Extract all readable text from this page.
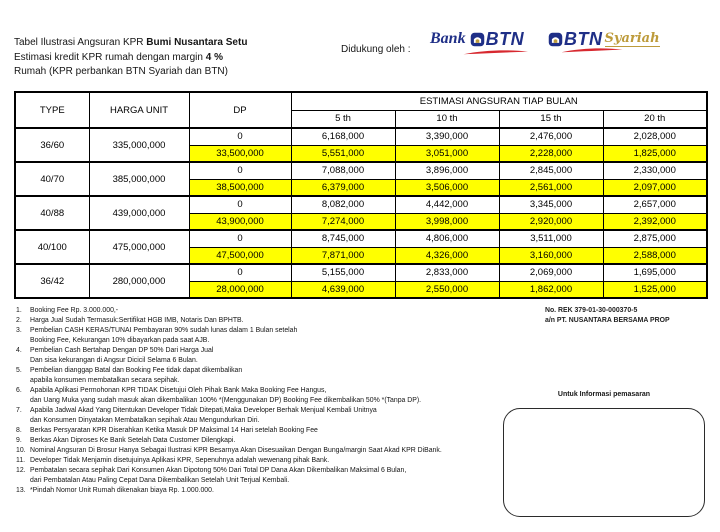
Tabel Ilustrasi Angsuran KPR Bumi Nusantara Setu
Estimasi kredit KPR rumah dengan margin 4 %
Rumah (KPR perbankan BTN Syariah dan BTN)
Didukung oleh :
Bank BTN BTN Syariah
TYPE	HARGA UNIT	DP	ESTIMASI ANGSURAN TIAP BULAN			
			5 th	10 th	15 th	20 th
36/60	335,000,000	0	6,168,000	3,390,000	2,476,000	2,028,000
		33,500,000	5,551,000	3,051,000	2,228,000	1,825,000
40/70	385,000,000	0	7,088,000	3,896,000	2,845,000	2,330,000
		38,500,000	6,379,000	3,506,000	2,561,000	2,097,000
40/88	439,000,000	0	8,082,000	4,442,000	3,345,000	2,657,000
		43,900,000	7,274,000	3,998,000	2,920,000	2,392,000
40/100	475,000,000	0	8,745,000	4,806,000	3,511,000	2,875,000
		47,500,000	7,871,000	4,326,000	3,160,000	2,588,000
36/42	280,000,000	0	5,155,000	2,833,000	2,069,000	1,695,000
		28,000,000	4,639,000	2,550,000	1,862,000	1,525,000
1.	Booking Fee Rp. 3.000.000,-
2.	Harga Jual Sudah Termasuk:Sertifikat HGB IMB, Notaris Dan BPHTB.
3.	Pembelian CASH KERAS/TUNAI Pembayaran 90% sudah lunas dalam 1 Bulan setelah
Booking Fee, Kekurangan 10% dibayarkan pada saat AJB.
4.	Pembelian Cash Bertahap Dengan DP 50% Dari Harga Jual
Dan sisa kekurangan di Angsur Dicicil Selama 6 Bulan.
5.	Pembelian dianggap Batal dan Booking Fee tidak dapat dikembalikan
apabila konsumen membatalkan secara sepihak.
6.	Apabila Aplikasi Permohonan KPR TIDAK Disetujui Oleh Pihak Bank Maka Booking Fee Hangus,
dan Uang Muka yang sudah masuk akan dikembalikan 100% *(Menggunakan DP) Booking Fee dikembalikan 50% *(Tanpa DP).
7.	Apabila Jadwal Akad Yang Ditentukan Developer Tidak Ditepati,Maka Developer Berhak Menjual Kembali Unitnya
dan Konsumen Dinyatakan Membatalkan sepihak Atau Mengundurkan Diri.
8.	Berkas Persyaratan KPR Diserahkan Ketika Masuk DP Maksimal 14 Hari setelah Booking Fee
9.	Berkas Akan Diproses Ke Bank Setelah Data Customer Dilengkapi.
10. Nominal Angsuran Di Brosur Hanya Sebagai Ilustrasi KPR Besarnya Akan Disesuaikan Dengan Bunga/margin Saat Akad KPR DiBank.
11. Developer Tidak Menjamin disetujuinya Aplikasi KPR, Sepenuhnya adalah wewenang pihak Bank.
12. Pembatalan secara sepihak Dari Konsumen Akan Dipotong 50% Dari Total DP Dana Akan Dikembalikan Maksimal 6 Bulan,
dari Pembatalan Atau Paling Cepat Dana Dikembalikan Setelah Unit Terjual Kembali.
13. *Pindah Nomor Unit Rumah dikenakan biaya Rp. 1.000.000.
No. REK 379-01-30-000370-5
a/n PT. NUSANTARA BERSAMA PROP
Untuk Informasi pemasaran
